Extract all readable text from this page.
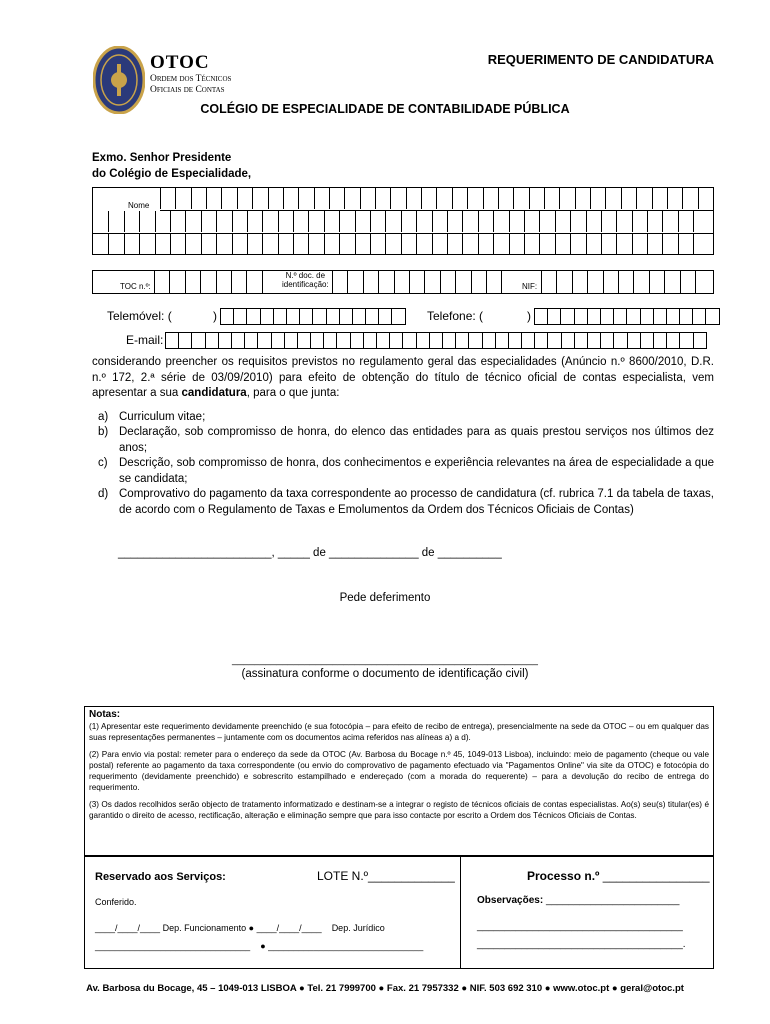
OTOC
Ordem dos Técnicos
Oficiais de Contas
REQUERIMENTO DE CANDIDATURA
COLÉGIO DE ESPECIALIDADE DE CONTABILIDADE PÚBLICA
Exmo. Senhor Presidente
do Colégio de Especialidade,
Nome
TOC n.º:
N.º doc. de
identificação:	NIF:
Telemóvel: (	)	Telefone: (	)
E-mail:
considerando preencher os requisitos previstos no regulamento geral das especialidades (Anúncio n.º 8600/2010, D.R. n.º 172, 2.ª série de 03/09/2010) para efeito de obtenção do título de técnico oficial de contas especialista, vem apresentar a sua candidatura, para o que junta:
a) Curriculum vitae;
b) Declaração, sob compromisso de honra, do elenco das entidades para as quais prestou serviços nos últimos dez anos;
c) Descrição, sob compromisso de honra, dos conhecimentos e experiência relevantes na área de especialidade a que se candidata;
d) Comprovativo do pagamento da taxa correspondente ao processo de candidatura (cf. rubrica 7.1 da tabela de taxas, de acordo com o Regulamento de Taxas e Emolumentos da Ordem dos Técnicos Oficiais de Contas)
________________________, _____ de ______________ de __________
Pede deferimento
_______________________________________________________
(assinatura conforme o documento de identificação civil)
Notas:

(1) Apresentar este requerimento devidamente preenchido (e sua fotocópia – para efeito de recibo de entrega), presencialmente na sede da OTOC – ou em qualquer das suas representações permanentes – juntamente com os documentos acima referidos nas alíneas a) a d).

(2) Para envio via postal: remeter para o endereço da sede da OTOC (Av. Barbosa du Bocage n.º 45, 1049-013 Lisboa), incluindo: meio de pagamento (cheque ou vale postal) referente ao pagamento da taxa correspondente (ou envio do comprovativo de pagamento efectuado via "Pagamentos Online" via site da OTOC) e fotocópia do requerimento (devidamente preenchido) e sobrescrito estampilhado e endereçado (com a morada do requerente) – para a devolução do recibo de entrega do requerimento.

(3) Os dados recolhidos serão objecto de tratamento informatizado e destinam-se a integrar o registo de técnicos oficiais de contas especialistas. Ao(s) seu(s) titular(es) é garantido o direito de acesso, rectificação, alteração e eliminação sempre que para isso contacte por escrito a Ordem dos Técnicos Oficiais de Contas.

Reservado aos Serviços:	LOTE N.º_____________	Processo n.º ________________
Conferido.	Observações: ________________________
____/____/____ Dep. Funcionamento ● ____/____/____ Dep. Jurídico	_____________________________________
_______________________________ ● _______________________________	_____________________________________.
Av. Barbosa du Bocage, 45 – 1049-013 LISBOA ● Tel. 21 7999700 ● Fax. 21 7957332 ● NIF. 503 692 310 ● www.otoc.pt ● geral@otoc.pt
